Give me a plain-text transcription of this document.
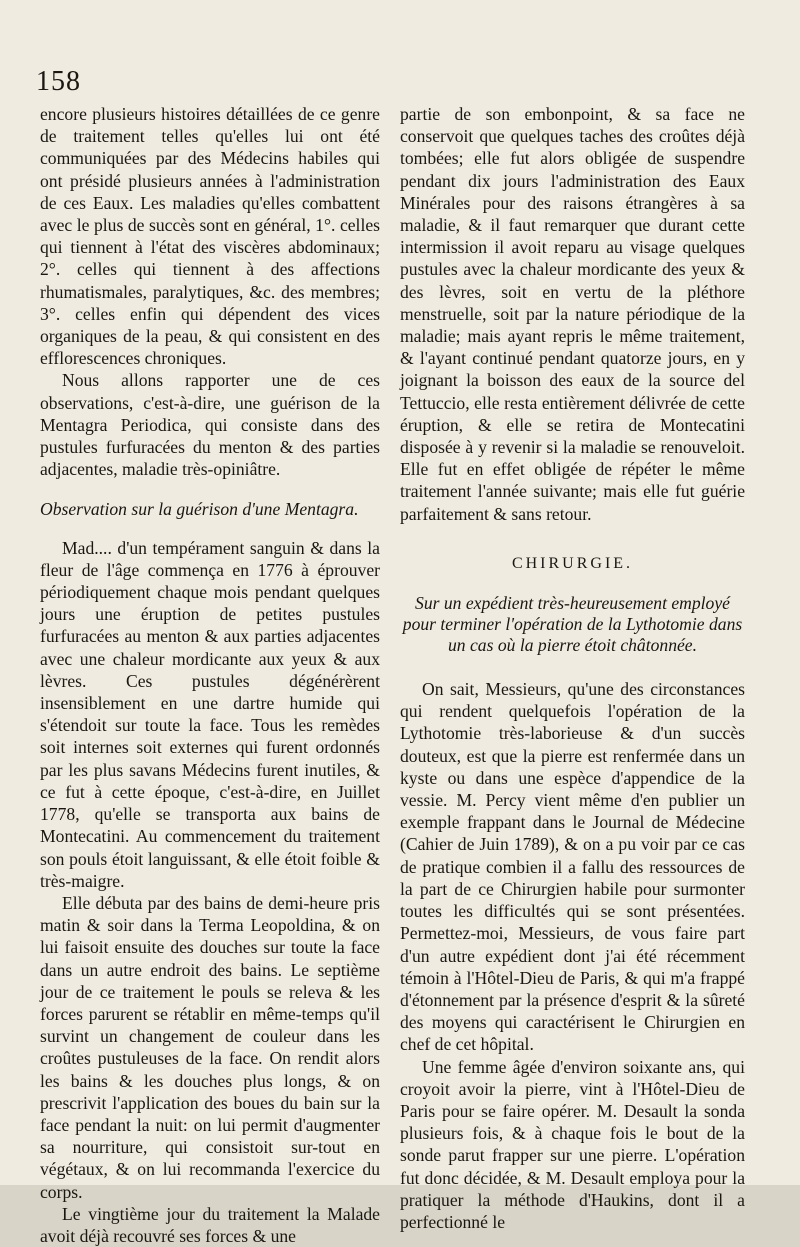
158

encore plusieurs histoires détaillées de ce genre de traitement telles qu'elles lui ont été communiquées par des Médecins habiles qui ont présidé plusieurs années à l'administration de ces Eaux. Les maladies qu'elles combattent avec le plus de succès sont en général, 1°. celles qui tiennent à l'état des viscères abdominaux; 2°. celles qui tiennent à des affections rhumatismales, paralytiques, &c. des membres; 3°. celles enfin qui dépendent des vices organiques de la peau, & qui consistent en des efflorescences chroniques.

Nous allons rapporter une de ces observations, c'est-à-dire, une guérison de la Mentagra Periodica, qui consiste dans des pustules furfuracées du menton & des parties adjacentes, maladie très-opiniâtre.

Observation sur la guérison d'une Mentagra.

Mad.... d'un tempérament sanguin & dans la fleur de l'âge commença en 1776 à éprouver périodiquement chaque mois pendant quelques jours une éruption de petites pustules furfuracées au menton & aux parties adjacentes avec une chaleur mordicante aux yeux & aux lèvres. Ces pustules dégénérèrent insensiblement en une dartre humide qui s'étendoit sur toute la face. Tous les remèdes soit internes soit externes qui furent ordonnés par les plus savans Médecins furent inutiles, & ce fut à cette époque, c'est-à-dire, en Juillet 1778, qu'elle se transporta aux bains de Montecatini. Au commencement du traitement son pouls étoit languissant, & elle étoit foible & très-maigre.

Elle débuta par des bains de demi-heure pris matin & soir dans la Terma Leopoldina, & on lui faisoit ensuite des douches sur toute la face dans un autre endroit des bains. Le septième jour de ce traitement le pouls se releva & les forces parurent se rétablir en même-temps qu'il survint un changement de couleur dans les croûtes pustuleuses de la face. On rendit alors les bains & les douches plus longs, & on prescrivit l'application des boues du bain sur la face pendant la nuit: on lui permit d'augmenter sa nourriture, qui consistoit sur-tout en végétaux, & on lui recommanda l'exercice du corps.

Le vingtième jour du traitement la Malade avoit déjà recouvré ses forces & une

partie de son embonpoint, & sa face ne conservoit que quelques taches des croûtes déjà tombées; elle fut alors obligée de suspendre pendant dix jours l'administration des Eaux Minérales pour des raisons étrangères à sa maladie, & il faut remarquer que durant cette intermission il avoit reparu au visage quelques pustules avec la chaleur mordicante des yeux & des lèvres, soit en vertu de la pléthore menstruelle, soit par la nature périodique de la maladie; mais ayant repris le même traitement, & l'ayant continué pendant quatorze jours, en y joignant la boisson des eaux de la source del Tettuccio, elle resta entièrement délivrée de cette éruption, & elle se retira de Montecatini disposée à y revenir si la maladie se renouveloit. Elle fut en effet obligée de répéter le même traitement l'année suivante; mais elle fut guérie parfaitement & sans retour.

CHIRURGIE.

Sur un expédient très-heureusement employé pour terminer l'opération de la Lythotomie dans un cas où la pierre étoit châtonnée.

On sait, Messieurs, qu'une des circonstances qui rendent quelquefois l'opération de la Lythotomie très-laborieuse & d'un succès douteux, est que la pierre est renfermée dans un kyste ou dans une espèce d'appendice de la vessie. M. Percy vient même d'en publier un exemple frappant dans le Journal de Médecine (Cahier de Juin 1789), & on a pu voir par ce cas de pratique combien il a fallu des ressources de la part de ce Chirurgien habile pour surmonter toutes les difficultés qui se sont présentées. Permettez-moi, Messieurs, de vous faire part d'un autre expédient dont j'ai été récemment témoin à l'Hôtel-Dieu de Paris, & qui m'a frappé d'étonnement par la présence d'esprit & la sûreté des moyens qui caractérisent le Chirurgien en chef de cet hôpital.

Une femme âgée d'environ soixante ans, qui croyoit avoir la pierre, vint à l'Hôtel-Dieu de Paris pour se faire opérer. M. Desault la sonda plusieurs fois, & à chaque fois le bout de la sonde parut frapper sur une pierre. L'opération fut donc décidée, & M. Desault employa pour la pratiquer la méthode d'Haukins, dont il a perfectionné le
